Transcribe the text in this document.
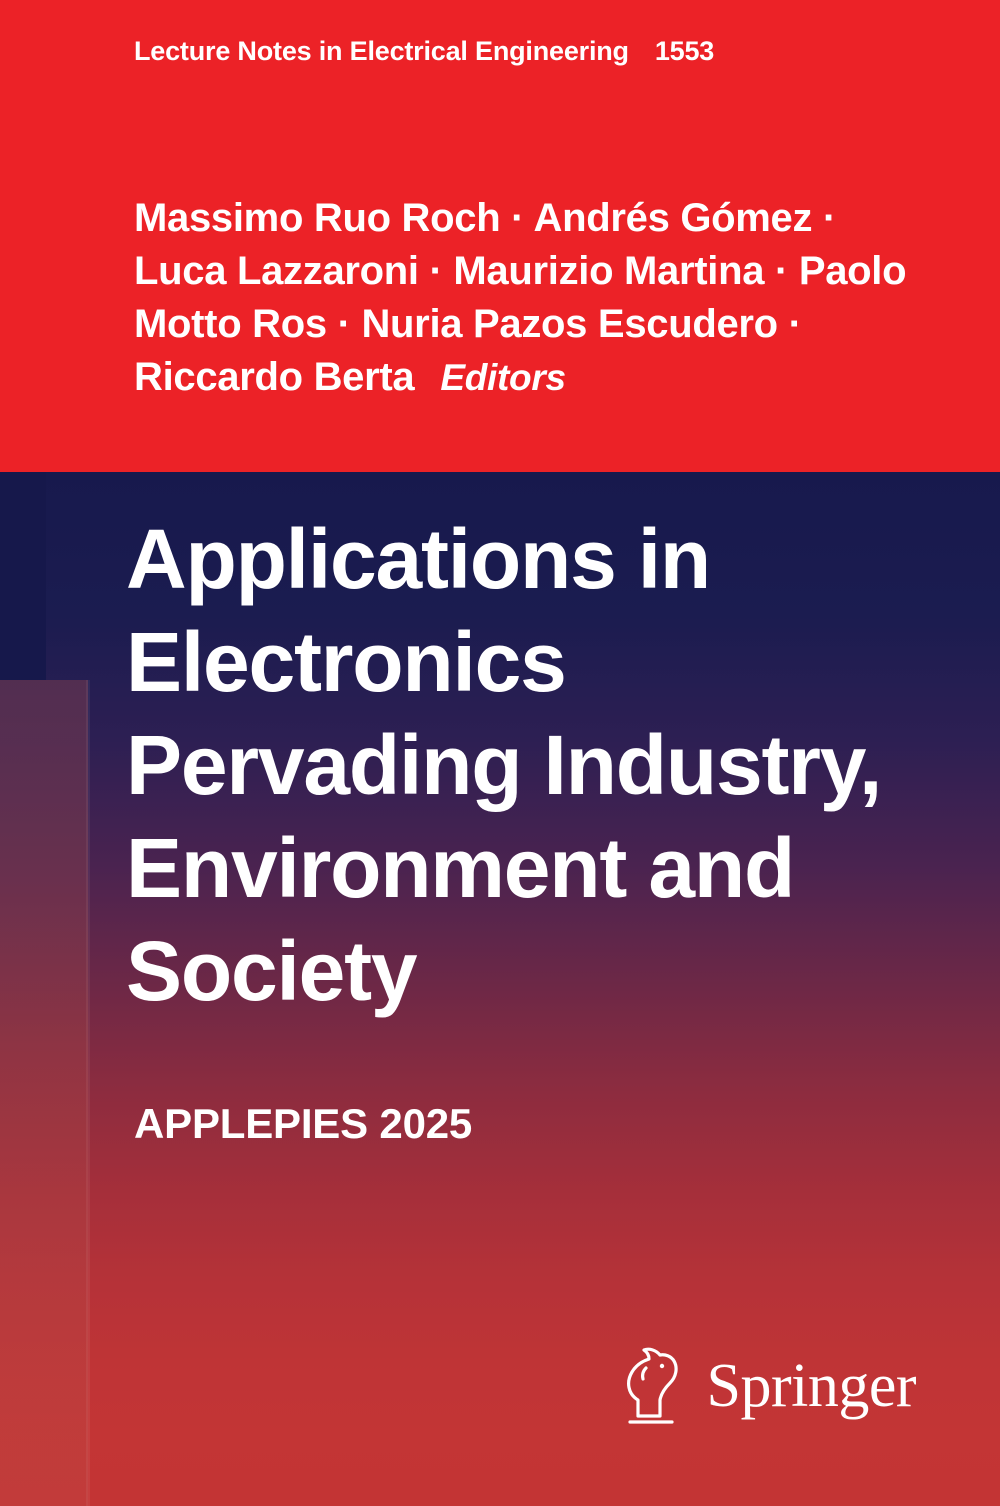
Lecture Notes in Electrical Engineering 1553
Massimo Ruo Roch · Andrés Gómez · Luca Lazzaroni · Maurizio Martina · Paolo Motto Ros · Nuria Pazos Escudero · Riccardo Berta Editors
Applications in Electronics Pervading Industry, Environment and Society
APPLEPIES 2025
Springer
